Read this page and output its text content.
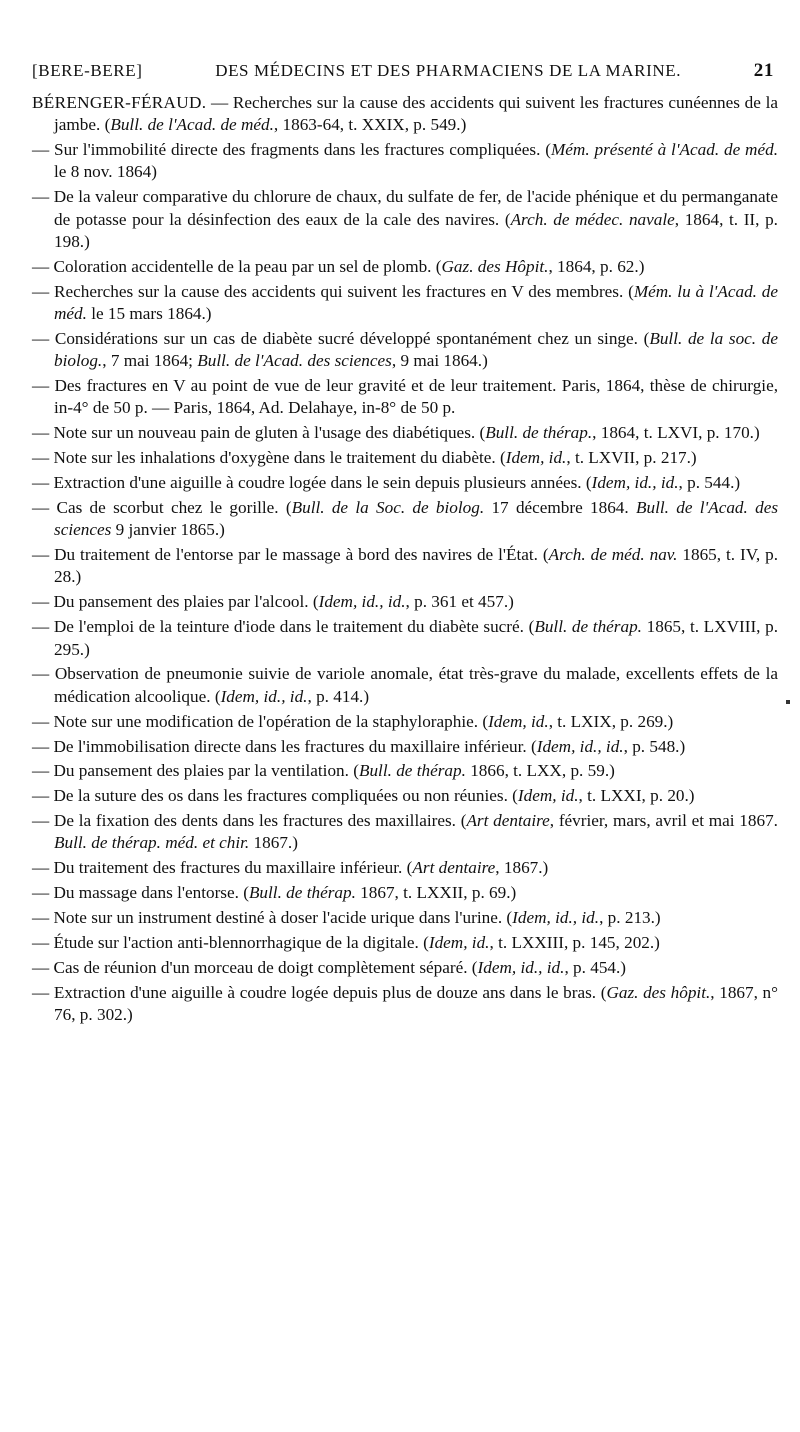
[BERE-BERE]	DES MÉDECINS ET DES PHARMACIENS DE LA MARINE.	21

BÉRENGER-FÉRAUD. — Recherches sur la cause des accidents qui suivent les fractures cunéennes de la jambe. (Bull. de l'Acad. de méd., 1863-64, t. XXIX, p. 549.)

— Sur l'immobilité directe des fragments dans les fractures compliquées. (Mém. présenté à l'Acad. de méd. le 8 nov. 1864)

— De la valeur comparative du chlorure de chaux, du sulfate de fer, de l'acide phénique et du permanganate de potasse pour la désinfection des eaux de la cale des navires. (Arch. de médec. navale, 1864, t. II, p. 198.)

— Coloration accidentelle de la peau par un sel de plomb. (Gaz. des Hôpit., 1864, p. 62.)

— Recherches sur la cause des accidents qui suivent les fractures en V des membres. (Mém. lu à l'Acad. de méd. le 15 mars 1864.)

— Considérations sur un cas de diabète sucré développé spontanément chez un singe. (Bull. de la soc. de biolog., 7 mai 1864; Bull. de l'Acad. des sciences, 9 mai 1864.)

— Des fractures en V au point de vue de leur gravité et de leur traitement. Paris, 1864, thèse de chirurgie, in-4° de 50 p. — Paris, 1864, Ad. Delahaye, in-8° de 50 p.

— Note sur un nouveau pain de gluten à l'usage des diabétiques. (Bull. de thérap., 1864, t. LXVI, p. 170.)

— Note sur les inhalations d'oxygène dans le traitement du diabète. (Idem, id., t. LXVII, p. 217.)

— Extraction d'une aiguille à coudre logée dans le sein depuis plusieurs années. (Idem, id., id., p. 544.)

— Cas de scorbut chez le gorille. (Bull. de la Soc. de biolog. 17 décembre 1864. Bull. de l'Acad. des sciences 9 janvier 1865.)

— Du traitement de l'entorse par le massage à bord des navires de l'État. (Arch. de méd. nav. 1865, t. IV, p. 28.)

— Du pansement des plaies par l'alcool. (Idem, id., id., p. 361 et 457.)

— De l'emploi de la teinture d'iode dans le traitement du diabète sucré. (Bull. de thérap. 1865, t. LXVIII, p. 295.)

— Observation de pneumonie suivie de variole anomale, état très-grave du malade, excellents effets de la médication alcoolique. (Idem, id., id., p. 414.)

— Note sur une modification de l'opération de la staphylοraphie. (Idem, id., t. LXIX, p. 269.)

— De l'immobilisation directe dans les fractures du maxillaire inférieur. (Idem, id., id., p. 548.)

— Du pansement des plaies par la ventilation. (Bull. de thérap. 1866, t. LXX, p. 59.)

— De la suture des os dans les fractures compliquées ou non réunies. (Idem, id., t. LXXI, p. 20.)

— De la fixation des dents dans les fractures des maxillaires. (Art dentaire, février, mars, avril et mai 1867. Bull. de thérap. méd. et chir. 1867.)

— Du traitement des fractures du maxillaire inférieur. (Art dentaire, 1867.)

— Du massage dans l'entorse. (Bull. de thérap. 1867, t. LXXII, p. 69.)

— Note sur un instrument destiné à doser l'acide urique dans l'urine. (Idem, id., id., p. 213.)

— Étude sur l'action anti-blennorrhagique de la digitale. (Idem, id., t. LXXIII, p. 145, 202.)

— Cas de réunion d'un morceau de doigt complètement séparé. (Idem, id., id., p. 454.)

— Extraction d'une aiguille à coudre logée depuis plus de douze ans dans le bras. (Gaz. des hôpit., 1867, n° 76, p. 302.)
